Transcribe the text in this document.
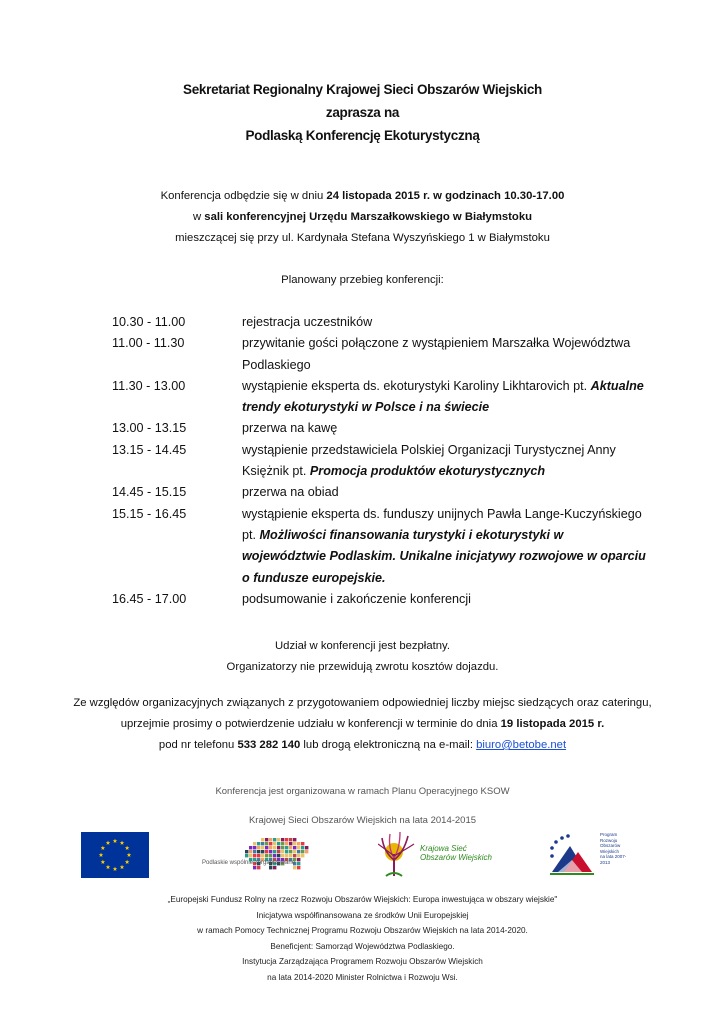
Sekretariat Regionalny Krajowej Sieci Obszarów Wiejskich
zaprasza na
Podlaską Konferencję Ekoturystyczną
Konferencja odbędzie się w dniu 24 listopada 2015 r. w godzinach 10.30-17.00
w sali konferencyjnej Urzędu Marszałkowskiego w Białymstoku
mieszczącej się przy ul. Kardynała Stefana Wyszyńskiego 1 w Białymstoku
Planowany przebieg konferencji:
10.30 - 11.00	rejestracja uczestników
11.00 - 11.30	przywitanie gości połączone z wystąpieniem Marszałka Województwa
Podlaskiego
11.30 - 13.00	wystąpienie eksperta ds. ekoturystyki Karoliny Likhtarovich pt. Aktualne
trendy ekoturystyki w Polsce i na świecie
13.00 - 13.15	przerwa na kawę
13.15 - 14.45	wystąpienie przedstawiciela Polskiej Organizacji Turystycznej Anny
Księżnik pt. Promocja produktów ekoturystycznych
14.45 - 15.15	przerwa na obiad
15.15 - 16.45	wystąpienie eksperta ds. funduszy unijnych Pawła Lange-Kuczyńskiego
pt. Możliwości finansowania turystyki i ekoturystyki w
województwie Podlaskim. Unikalne inicjatywy rozwojowe w oparciu
o fundusze europejskie.
16.45 - 17.00	podsumowanie i zakończenie konferencji
Udział w konferencji jest bezpłatny.
Organizatorzy nie przewidują zwrotu kosztów dojazdu.
Ze względów organizacyjnych związanych z przygotowaniem odpowiedniej liczby miejsc siedzących oraz cateringu,
uprzejmie prosimy o potwierdzenie udziału w konferencji w terminie do dnia 19 listopada 2015 r.
pod nr telefonu 533 282 140 lub drogą elektroniczną na e-mail: biuro@betobe.net
Konferencja jest organizowana w ramach Planu Operacyjnego KSOW
Krajowej Sieci Obszarów Wiejskich na lata 2014-2015
Podlaskie wspólnie zorganizowane
Krajowa Sieć
Obszarów Wiejskich
Program
Rozwoju
Obszarów
Wiejskich
na lata 2007-2013
„Europejski Fundusz Rolny na rzecz Rozwoju Obszarów Wiejskich: Europa inwestująca w obszary wiejskie"
Inicjatywa współfinansowana ze środków Unii Europejskiej
w ramach Pomocy Technicznej Programu Rozwoju Obszarów Wiejskich na lata 2014-2020.
Beneficjent: Samorząd Województwa Podlaskiego.
Instytucja Zarządzająca Programem Rozwoju Obszarów Wiejskich
na lata 2014-2020 Minister Rolnictwa i Rozwoju Wsi.
